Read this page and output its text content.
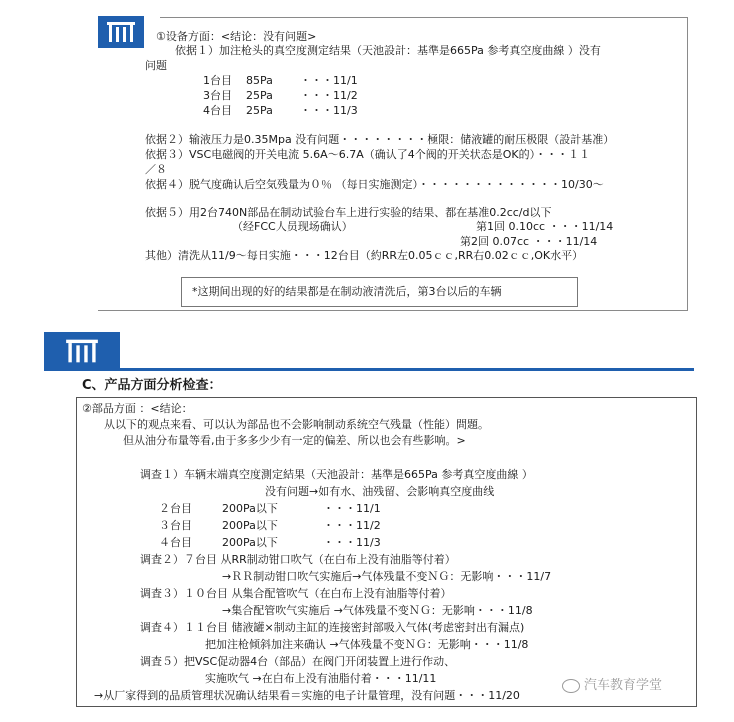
①设备方面：<结论：没有问题>
依据１）加注枪头的真空度测定结果（天池設計：基準是665Pa 参考真空度曲線 ）没有
问题
1台目 85Pa ・・・11/1
3台目 25Pa ・・・11/2
4台目 25Pa ・・・11/3
依据２）输液压力是0.35Mpa 没有问题・・・・・・・・極限：储液罐的耐压极限（設計基准）
依据３）VSC电磁阀的开关电流 5.6A～6.7A（确认了4个阀的开关状态是OK的）・・・１１
／８
依据４）脱气度确认后空気残量为０％ （每日实施测定）・・・・・・・・・・・・・10/30～
依据５）用2台740N部品在制动试验台车上进行实验的结果、都在基准0.2cc/d以下
（经FCC人员现场确认）	第1回 0.10cc ・・・11/14
第2回 0.07cc ・・・11/14
其他）清洗从11/9～每日实施・・・12台目（約RR左0.05ｃｃ,RR右0.02ｃｃ,OK水平）
*这期间出现的好的结果都是在制动液清洗后，第3台以后的车辆
C、产品方面分析检查：
②部品方面 ：<结论：
从以下的观点来看、可以认为部品也不会影响制动系统空气残量（性能）問題。
但从油分布量等看,由于多多少少有一定的偏差、所以也会有些影响。>
调查１）车辆末端真空度測定結果（天池設計：基準是665Pa 参考真空度曲線 ）
没有问题→如有水、油残留、会影响真空度曲线
２台目	200Pa以下	・・・11/1
３台目	200Pa以下	・・・11/2
４台目	200Pa以下	・・・11/3
调査２）７台目 从RR制动钳口吹气（在白布上没有油脂等付着）
→ＲＲ制动钳口吹气实施后→气体残量不变ＮＧ：无影响・・・11/7
调査３）１０台目 从集合配管吹气（在白布上没有油脂等付着）
→集合配管吹气实施后 →气体残量不变ＮＧ：无影响・・・11/8
调査４）１１台目 储液罐×制动主缸的连接密封部吸入气体(考虑密封出有漏点)
把加注枪倾斜加注来确认 →气体残量不变ＮＧ：无影响・・・11/8
调査５）把VSC促动器4台（部品）在阀门开闭装置上进行作动、
实施吹气 →在白布上没有油脂付着・・・11/11
→从厂家得到的品质管理状况确认结果看＝实施的电子计量管理，没有问题・・・11/20
汽车教育学堂
